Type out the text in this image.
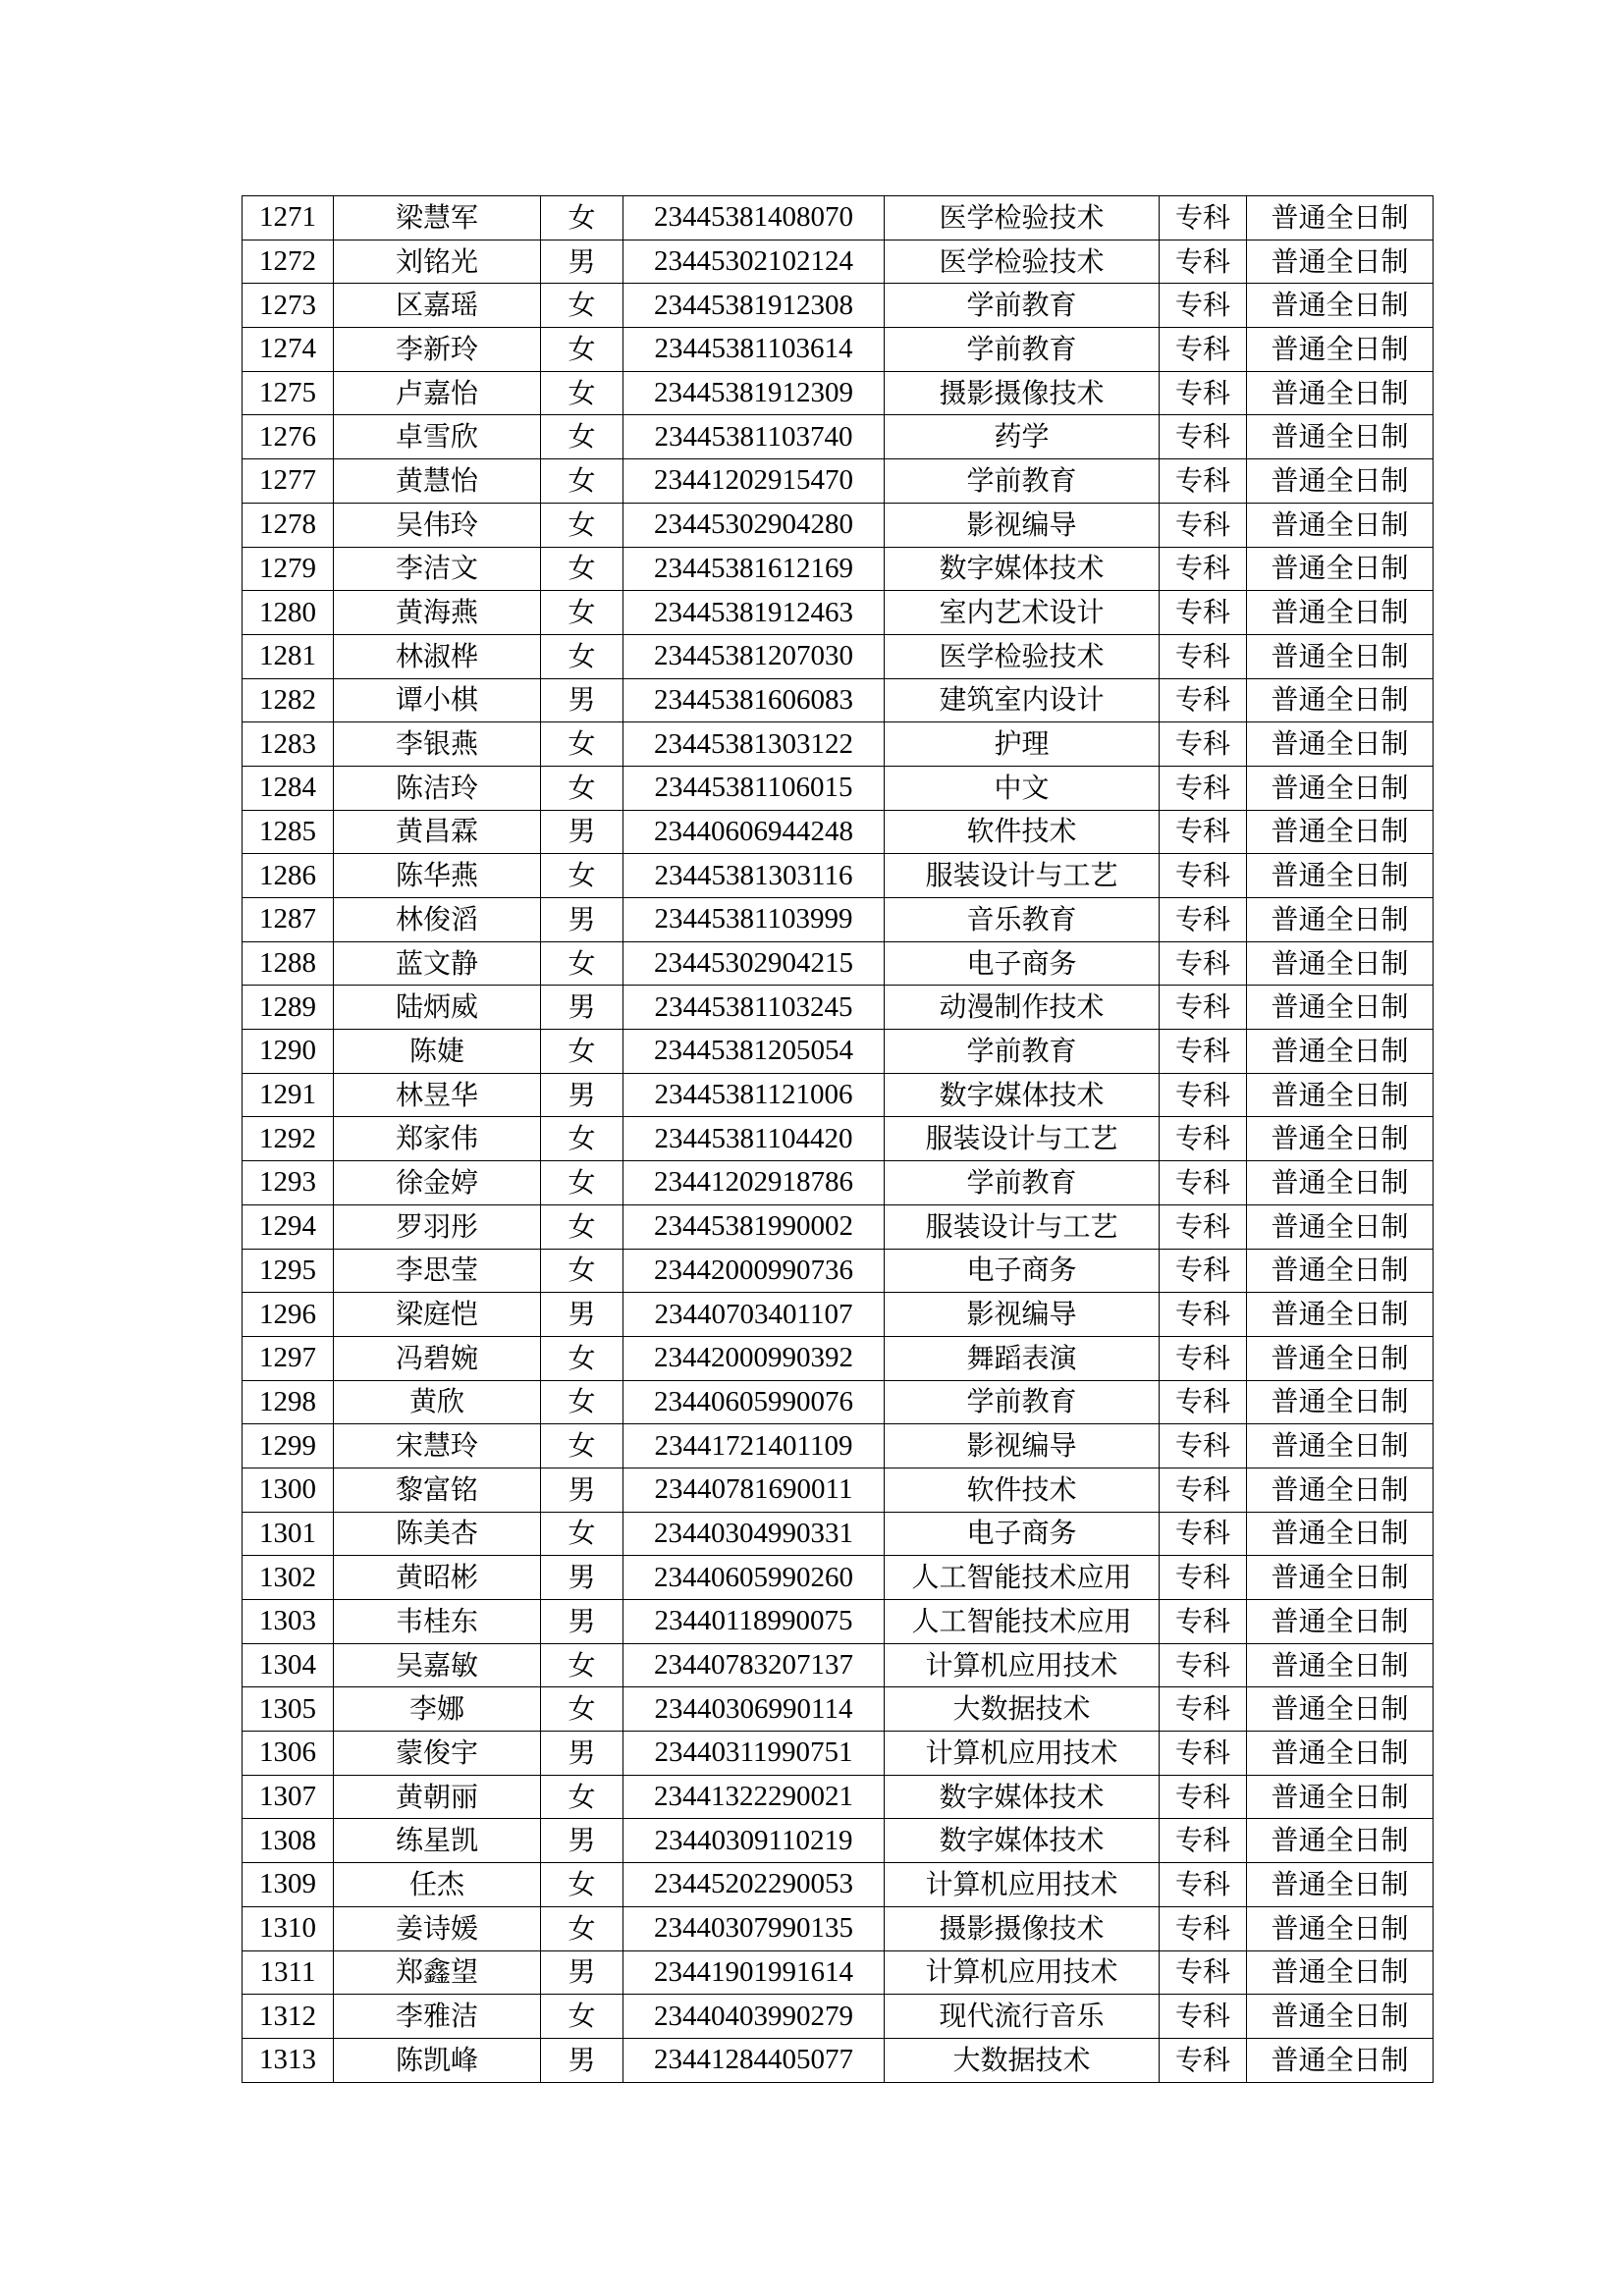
1271	梁慧军	女	23445381408070	医学检验技术	专科	普通全日制
1272	刘铭光	男	23445302102124	医学检验技术	专科	普通全日制
1273	区嘉瑶	女	23445381912308	学前教育	专科	普通全日制
1274	李新玲	女	23445381103614	学前教育	专科	普通全日制
1275	卢嘉怡	女	23445381912309	摄影摄像技术	专科	普通全日制
1276	卓雪欣	女	23445381103740	药学	专科	普通全日制
1277	黄慧怡	女	23441202915470	学前教育	专科	普通全日制
1278	吴伟玲	女	23445302904280	影视编导	专科	普通全日制
1279	李洁文	女	23445381612169	数字媒体技术	专科	普通全日制
1280	黄海燕	女	23445381912463	室内艺术设计	专科	普通全日制
1281	林淑桦	女	23445381207030	医学检验技术	专科	普通全日制
1282	谭小棋	男	23445381606083	建筑室内设计	专科	普通全日制
1283	李银燕	女	23445381303122	护理	专科	普通全日制
1284	陈洁玲	女	23445381106015	中文	专科	普通全日制
1285	黄昌霖	男	23440606944248	软件技术	专科	普通全日制
1286	陈华燕	女	23445381303116	服装设计与工艺	专科	普通全日制
1287	林俊滔	男	23445381103999	音乐教育	专科	普通全日制
1288	蓝文静	女	23445302904215	电子商务	专科	普通全日制
1289	陆炳威	男	23445381103245	动漫制作技术	专科	普通全日制
1290	陈婕	女	23445381205054	学前教育	专科	普通全日制
1291	林昱华	男	23445381121006	数字媒体技术	专科	普通全日制
1292	郑家伟	女	23445381104420	服装设计与工艺	专科	普通全日制
1293	徐金婷	女	23441202918786	学前教育	专科	普通全日制
1294	罗羽彤	女	23445381990002	服装设计与工艺	专科	普通全日制
1295	李思莹	女	23442000990736	电子商务	专科	普通全日制
1296	梁庭恺	男	23440703401107	影视编导	专科	普通全日制
1297	冯碧婉	女	23442000990392	舞蹈表演	专科	普通全日制
1298	黄欣	女	23440605990076	学前教育	专科	普通全日制
1299	宋慧玲	女	23441721401109	影视编导	专科	普通全日制
1300	黎富铭	男	23440781690011	软件技术	专科	普通全日制
1301	陈美杏	女	23440304990331	电子商务	专科	普通全日制
1302	黄昭彬	男	23440605990260	人工智能技术应用	专科	普通全日制
1303	韦桂东	男	23440118990075	人工智能技术应用	专科	普通全日制
1304	吴嘉敏	女	23440783207137	计算机应用技术	专科	普通全日制
1305	李娜	女	23440306990114	大数据技术	专科	普通全日制
1306	蒙俊宇	男	23440311990751	计算机应用技术	专科	普通全日制
1307	黄朝丽	女	23441322290021	数字媒体技术	专科	普通全日制
1308	练星凯	男	23440309110219	数字媒体技术	专科	普通全日制
1309	任杰	女	23445202290053	计算机应用技术	专科	普通全日制
1310	姜诗媛	女	23440307990135	摄影摄像技术	专科	普通全日制
1311	郑鑫望	男	23441901991614	计算机应用技术	专科	普通全日制
1312	李雅洁	女	23440403990279	现代流行音乐	专科	普通全日制
1313	陈凯峰	男	23441284405077	大数据技术	专科	普通全日制
